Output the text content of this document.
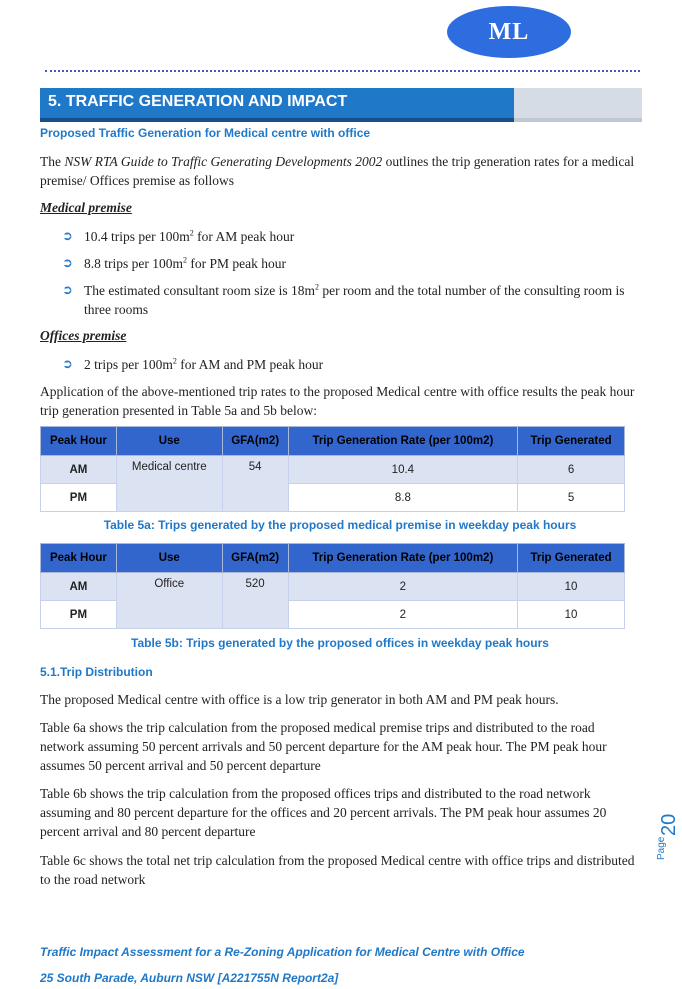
ML
5. TRAFFIC GENERATION AND IMPACT
Proposed Traffic Generation for Medical centre with office
The NSW RTA Guide to Traffic Generating Developments 2002 outlines the trip generation rates for a medical premise/ Offices premise as follows
Medical premise
➲ 10.4 trips per $100m^2$ for AM peak hour
➲ 8.8 trips per $100m^2$ for PM peak hour
➲ The estimated consultant room size is $18m^2$ per room and the total number of the consulting room is three rooms
Offices premise
➲ 2 trips per $100m^2$ for AM and PM peak hour
Application of the above-mentioned trip rates to the proposed Medical centre with office results the peak hour trip generation presented in Table 5a and 5b below:
Peak Hour	Use	GFA(m2)	Trip Generation Rate (per 100m2)	Trip Generated
AM	Medical centre	54	10.4	6
PM			8.8	5
Table 5a: Trips generated by the proposed medical premise in weekday peak hours
Peak Hour	Use	GFA(m2)	Trip Generation Rate (per 100m2)	Trip Generated
AM	Office	520	2	10
PM			2	10
Table 5b: Trips generated by the proposed offices in weekday peak hours
5.1.Trip Distribution
The proposed Medical centre with office is a low trip generator in both AM and PM peak hours.
Table 6a shows the trip calculation from the proposed medical premise trips and distributed to the road network assuming 50 percent arrivals and 50 percent departure for the AM peak hour. The PM peak hour assumes 50 percent arrival and 50 percent departure
Table 6b shows the trip calculation from the proposed offices trips and distributed to the road network assuming and 80 percent departure for the offices and 20 percent arrivals. The PM peak hour assumes 20 percent arrival and 80 percent departure
Table 6c shows the total net trip calculation from the proposed Medical centre with office trips and distributed to the road network
Page
20
Traffic Impact Assessment for a Re-Zoning Application for Medical Centre with Office
25 South Parade, Auburn NSW [A221755N Report2a]
